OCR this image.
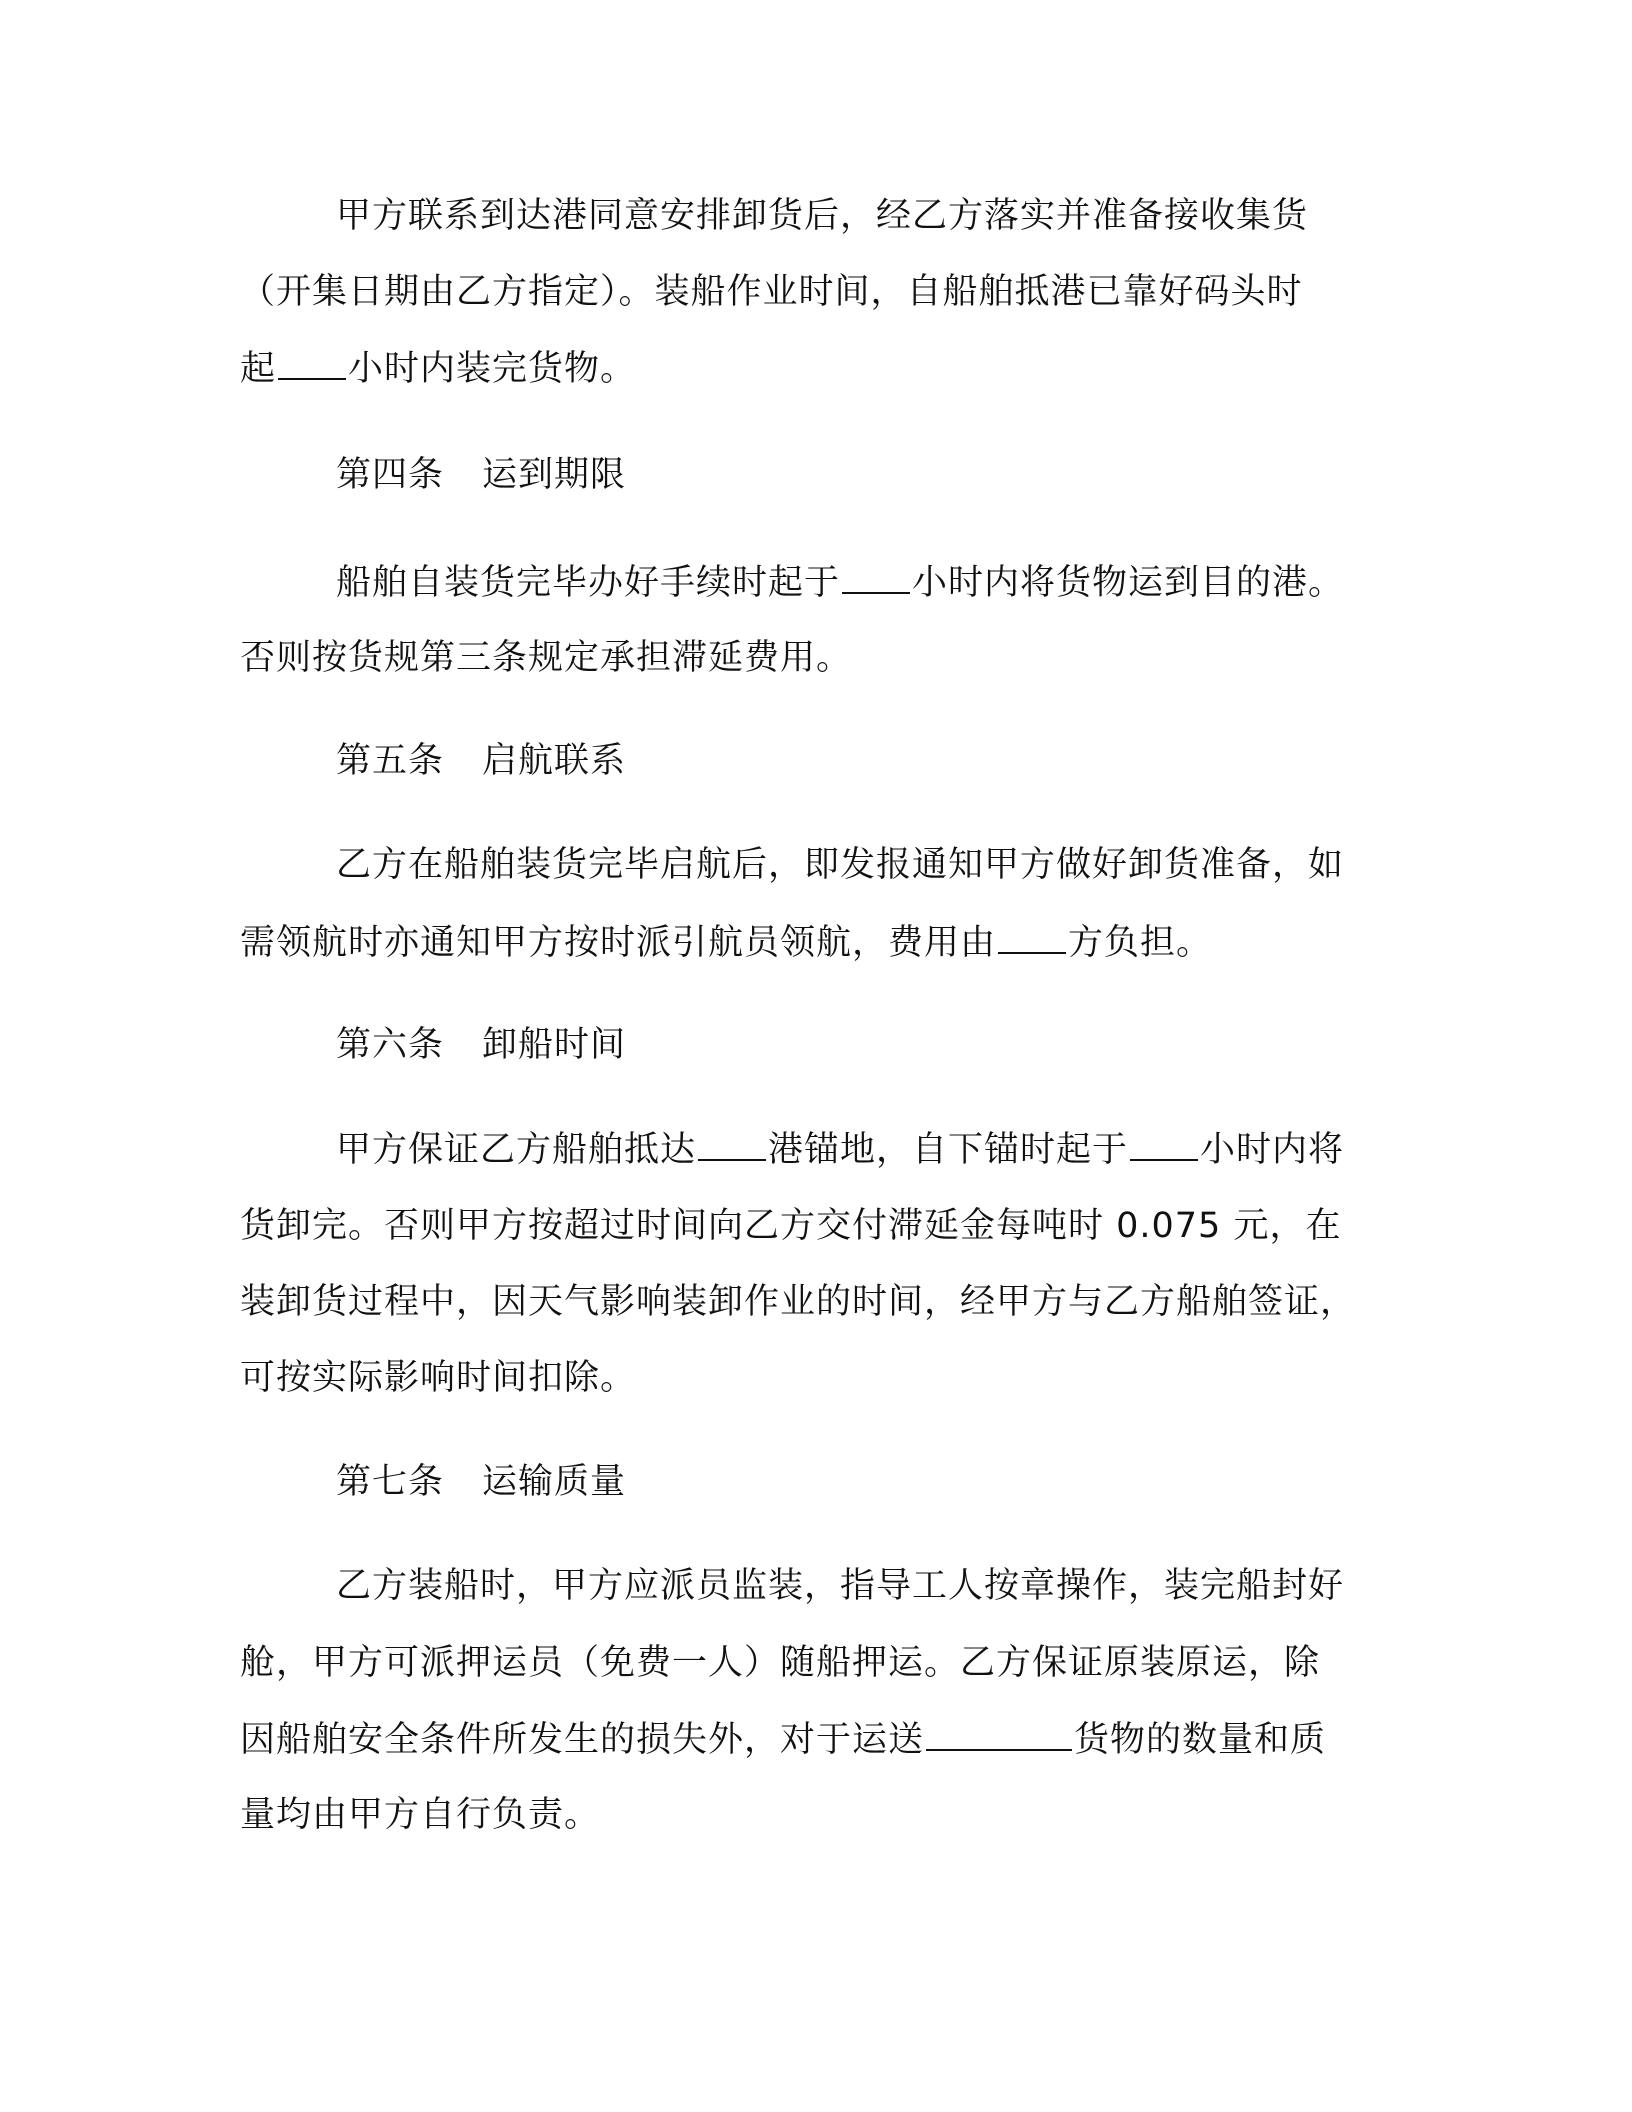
甲方联系到达港同意安排卸货后，经乙方落实并准备接收集货
（开集日期由乙方指定）。装船作业时间，自船舶抵港已靠好码头时
起 小时内装完货物。
第四条 运到期限
船舶自装货完毕办好手续时起于 小时内将货物运到目的港。
否则按货规第三条规定承担滞延费用。
第五条 启航联系
乙方在船舶装货完毕启航后，即发报通知甲方做好卸货准备，如
需领航时亦通知甲方按时派引航员领航，费用由 方负担。
第六条 卸船时间
甲方保证乙方船舶抵达 港锚地，自下锚时起于 小时内将
货卸完。否则甲方按超过时间向乙方交付滞延金每吨时 0.075 元，在
装卸货过程中，因天气影响装卸作业的时间，经甲方与乙方船舶签证，
可按实际影响时间扣除。
第七条 运输质量
乙方装船时，甲方应派员监装，指导工人按章操作，装完船封好
舱，甲方可派押运员（免费一人）随船押运。乙方保证原装原运，除
因船舶安全条件所发生的损失外，对于运送	货物的数量和质
量均由甲方自行负责。
